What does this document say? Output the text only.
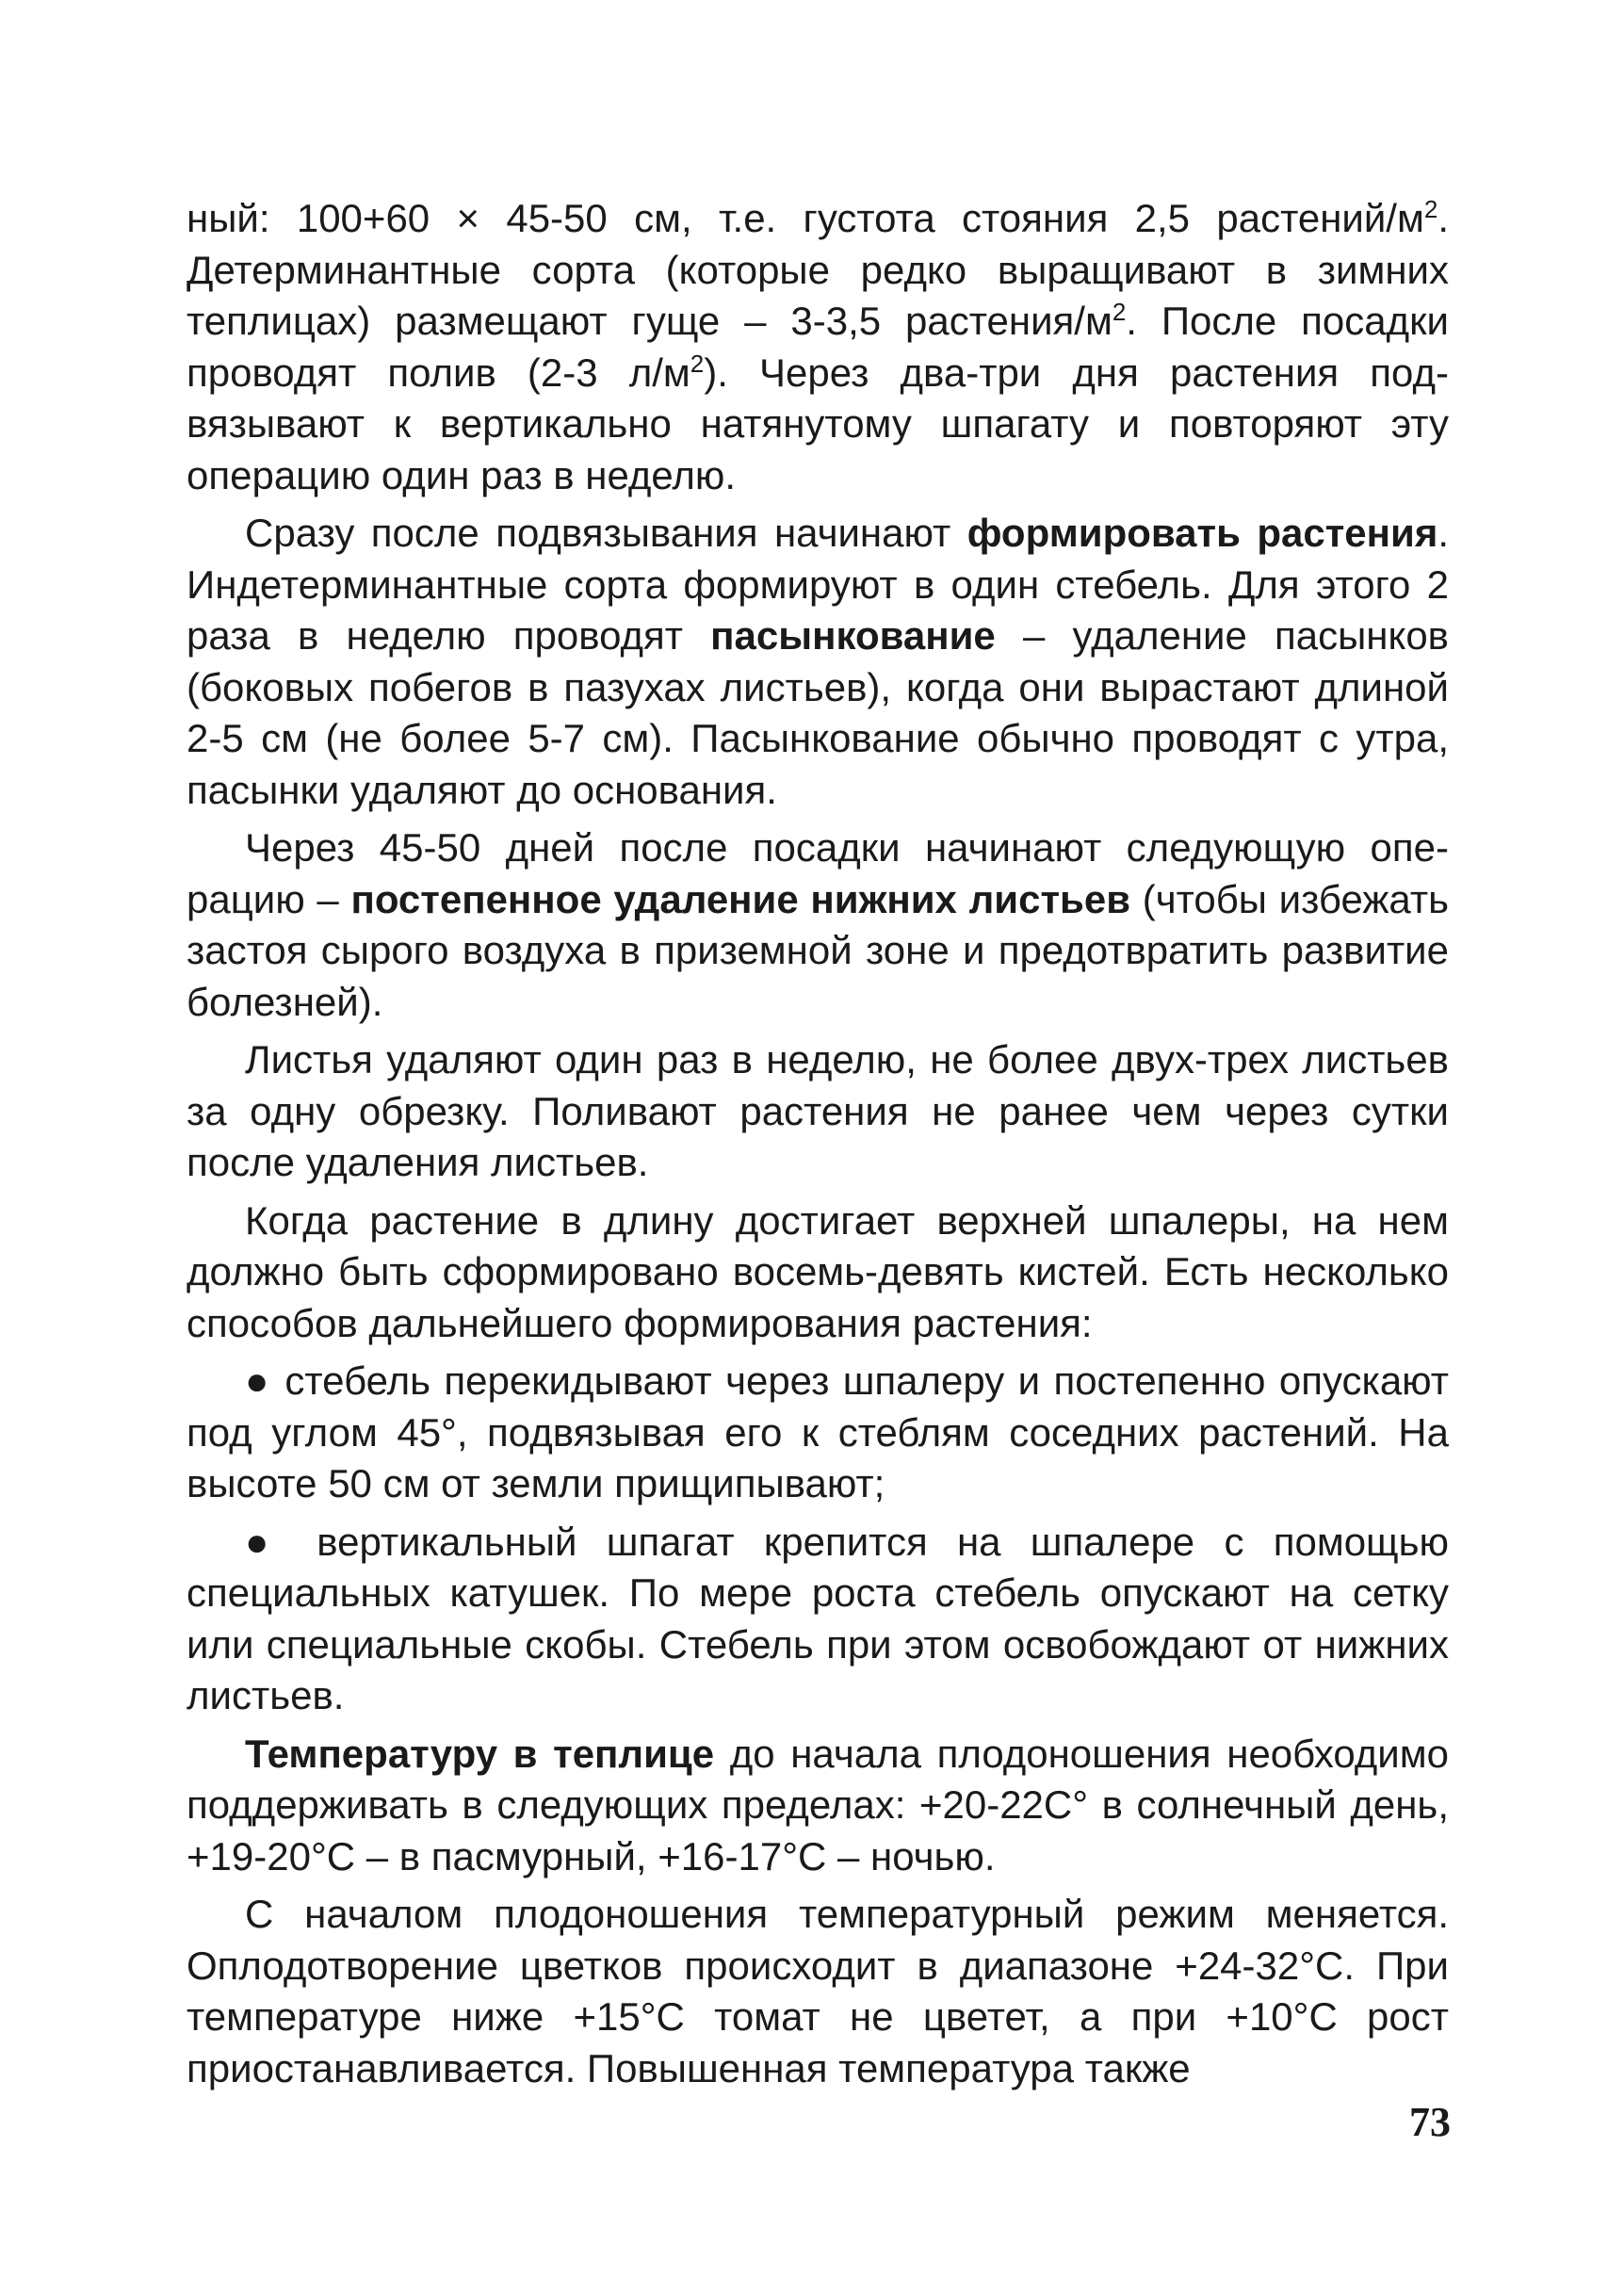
ный: 100+60 × 45-50 см, т.е. густота стояния 2,5 растений/$м^2$. Детерминантные сорта (которые редко выращивают в зимних теплицах) размещают гуще – 3-3,5 растения/$м^2$. После посадки проводят полив (2-3 $л/м^2$). Через два-три дня растения подвязывают к вертикально натянутому шпагату и повторяют эту операцию один раз в неделю.

Сразу после подвязывания начинают формировать растения. Индетерминантные сорта формируют в один стебель. Для этого 2 раза в неделю проводят пасынкование – удаление пасынков (боковых побегов в пазухах листьев), когда они вырастают длиной 2-5 см (не более 5-7 см). Пасынкование обычно проводят с утра, пасынки удаляют до основания.

Через 45-50 дней после посадки начинают следующую операцию – постепенное удаление нижних листьев (чтобы избежать застоя сырого воздуха в приземной зоне и предотвратить развитие болезней).

Листья удаляют один раз в неделю, не более двух-трех листьев за одну обрезку. Поливают растения не ранее чем через сутки после удаления листьев.

Когда растение в длину достигает верхней шпалеры, на нем должно быть сформировано восемь-девять кистей. Есть несколько способов дальнейшего формирования растения:

● стебель перекидывают через шпалеру и постепенно опускают под углом 45°, подвязывая его к стеблям соседних растений. На высоте 50 см от земли прищипывают;

● вертикальный шпагат крепится на шпалере с помощью специальных катушек. По мере роста стебель опускают на сетку или специальные скобы. Стебель при этом освобождают от нижних листьев.

Температуру в теплице до начала плодоношения необходимо поддерживать в следующих пределах: +20-22С° в солнечный день, +19-20°С – в пасмурный, +16-17°С – ночью.

С началом плодоношения температурный режим меняется. Оплодотворение цветков происходит в диапазоне +24-32°С. При температуре ниже +15°С томат не цветет, а при +10°С рост приостанавливается. Повышенная температура также

73
